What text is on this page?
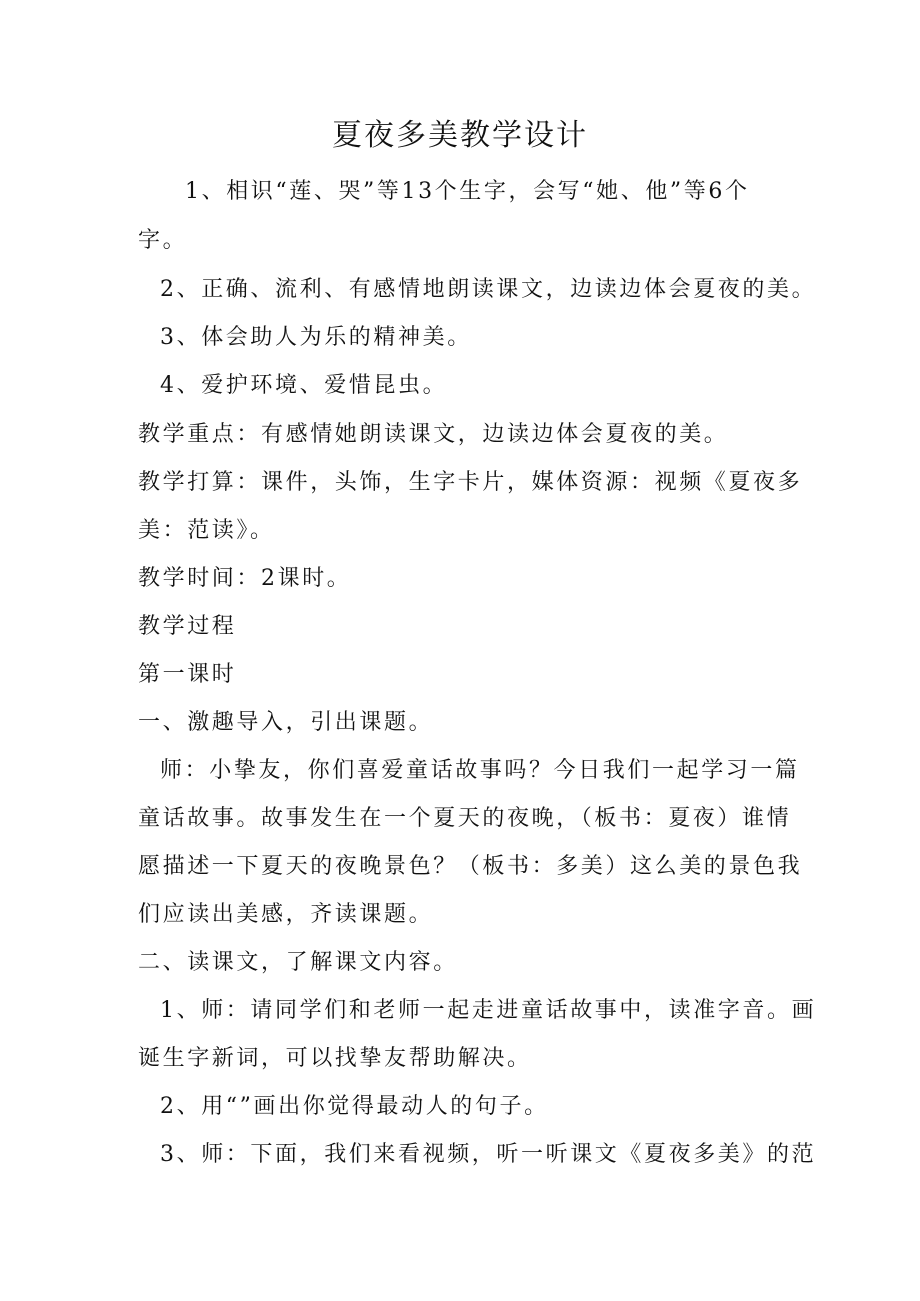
夏夜多美教学设计
1、相识“莲、哭”等13个生字，会写“她、他”等6个
字。
2、正确、流利、有感情地朗读课文，边读边体会夏夜的美。
3、体会助人为乐的精神美。
4、爱护环境、爱惜昆虫。
教学重点：有感情她朗读课文，边读边体会夏夜的美。
教学打算：课件，头饰，生字卡片，媒体资源：视频《夏夜多
美：范读》。
教学时间：2课时。
教学过程
第一课时
一、激趣导入，引出课题。
师：小挚友，你们喜爱童话故事吗？今日我们一起学习一篇
童话故事。故事发生在一个夏天的夜晚，（板书：夏夜）谁情
愿描述一下夏天的夜晚景色？（板书：多美）这么美的景色我
们应读出美感，齐读课题。
二、读课文，了解课文内容。
1、师：请同学们和老师一起走进童话故事中，读准字音。画
诞生字新词，可以找挚友帮助解决。
2、用“”画出你觉得最动人的句子。
3、师：下面，我们来看视频，听一听课文《夏夜多美》的范
